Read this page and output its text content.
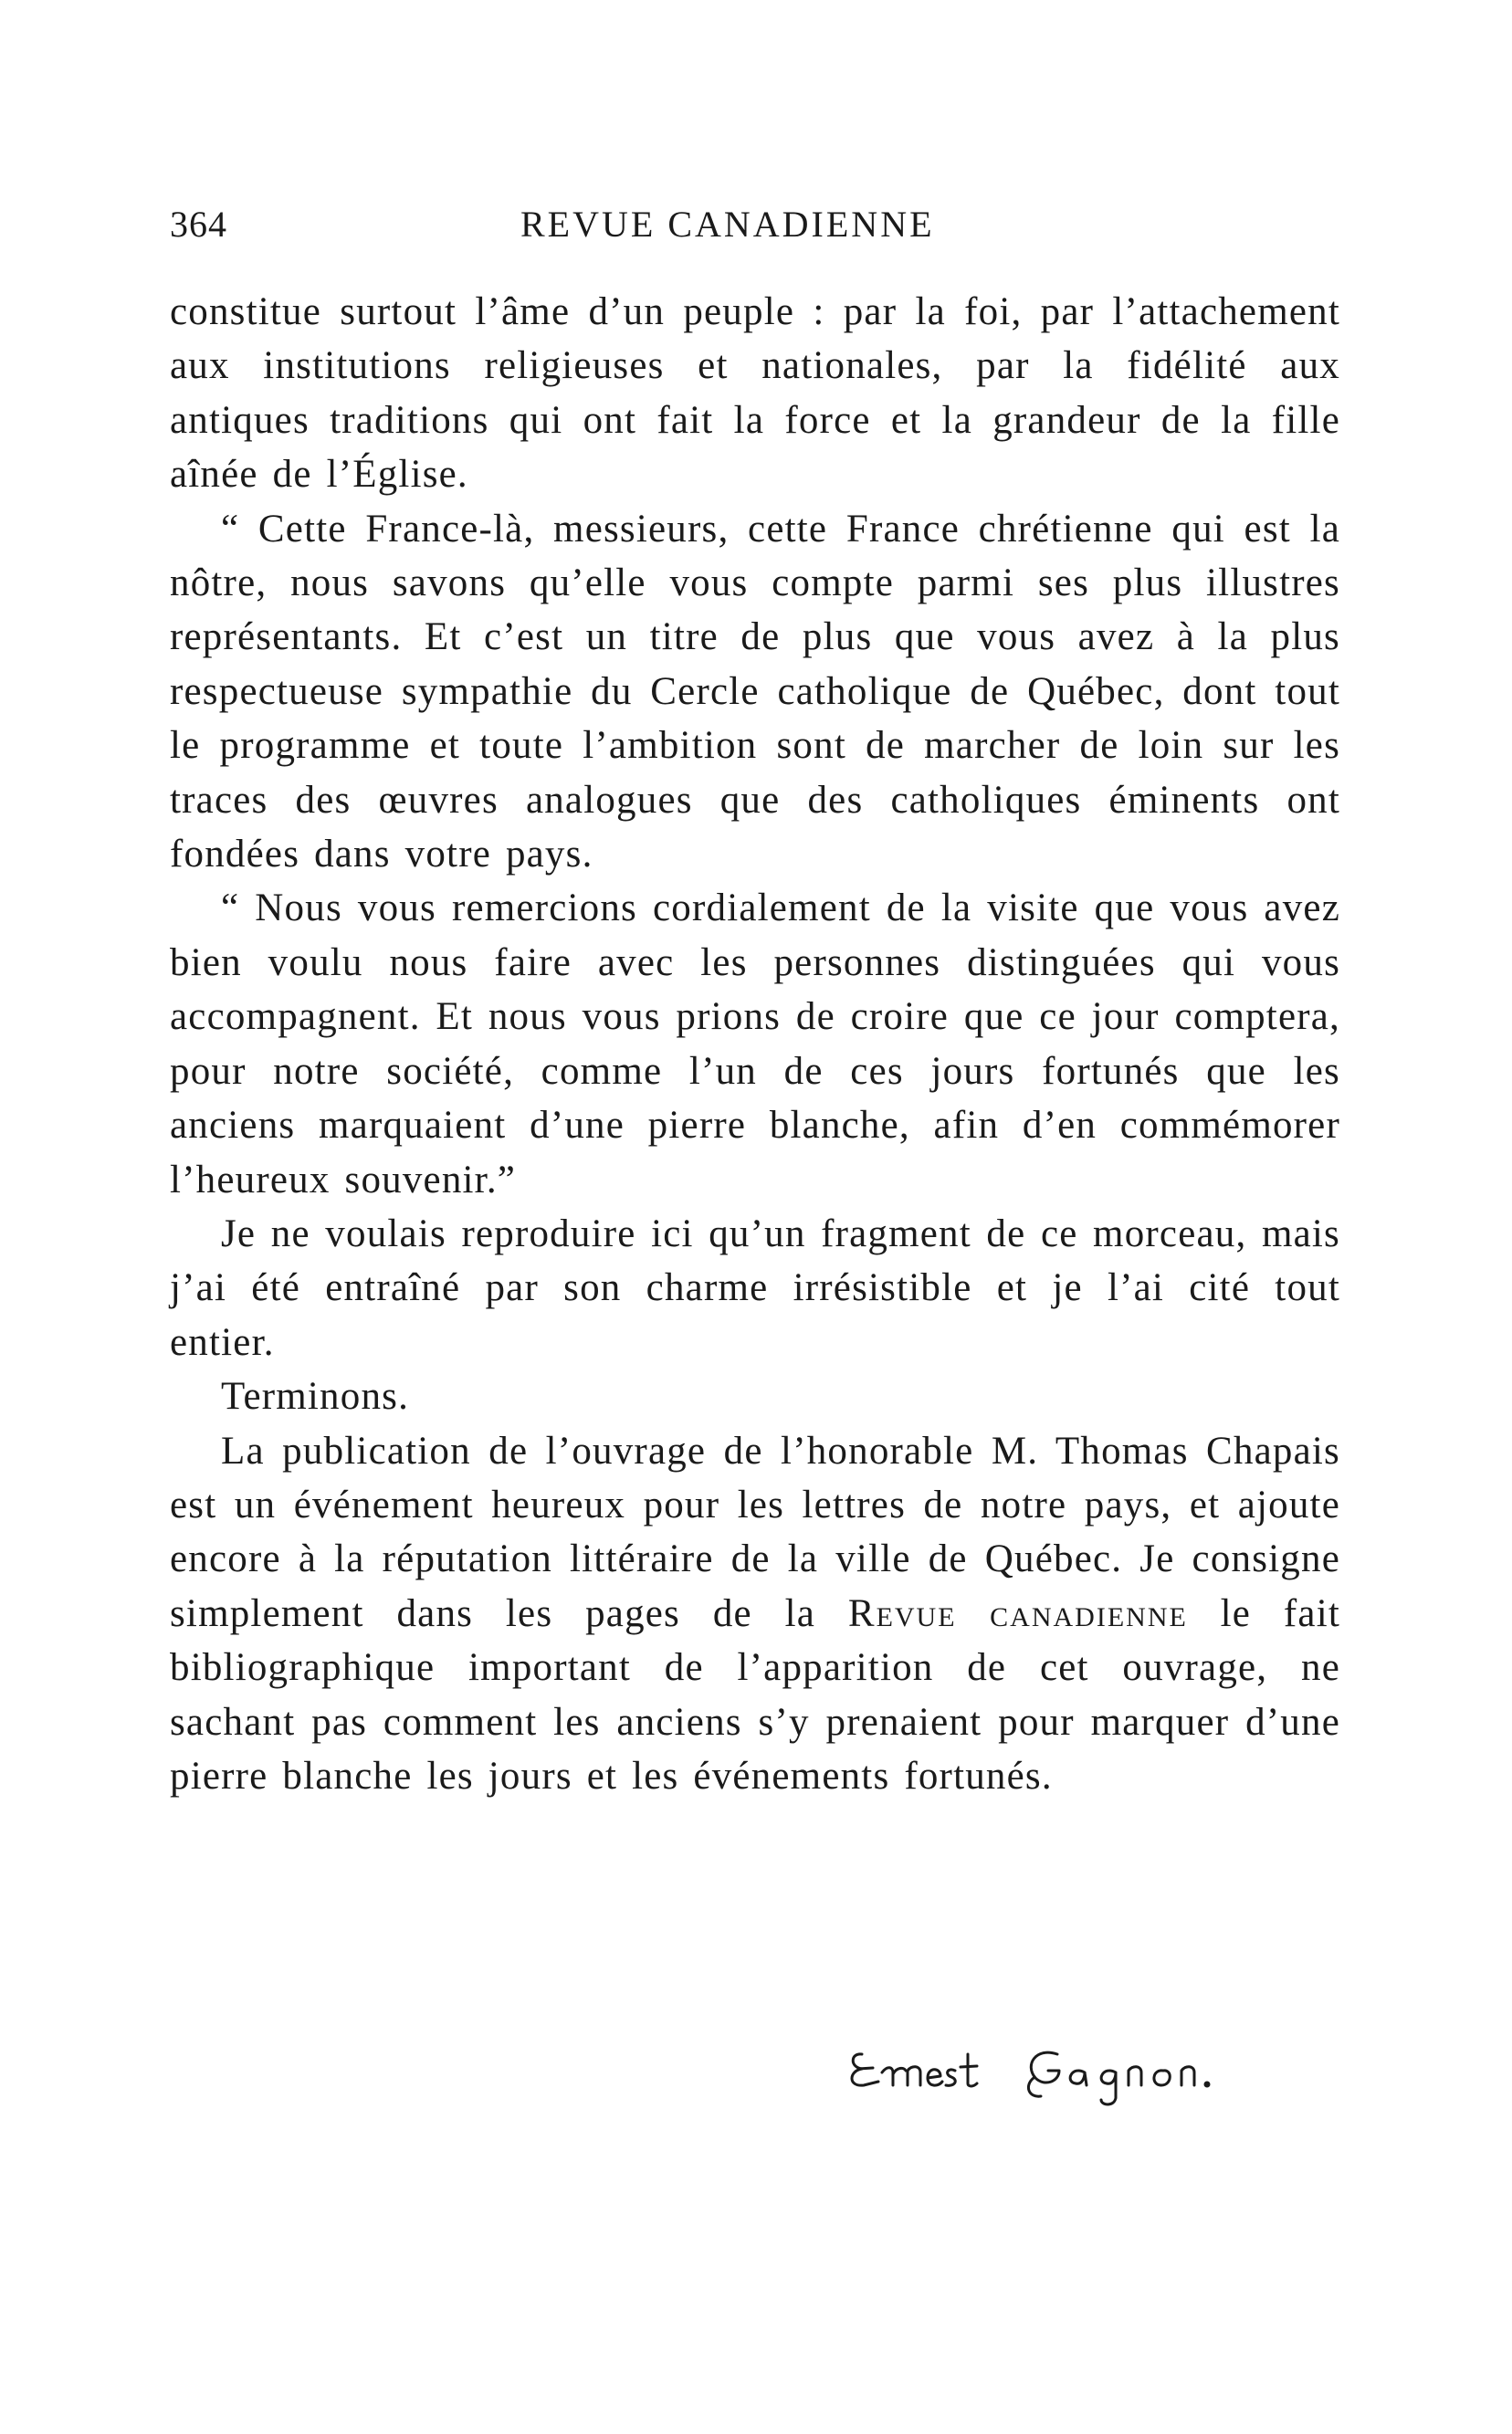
364	REVUE CANADIENNE

constitue surtout l’âme d’un peuple : par la foi, par l’attachement aux institutions religieuses et nationales, par la fidélité aux antiques traditions qui ont fait la force et la grandeur de la fille aînée de l’Église.

“ Cette France-là, messieurs, cette France chrétienne qui est la nôtre, nous savons qu’elle vous compte parmi ses plus illustres représentants. Et c’est un titre de plus que vous avez à la plus respectueuse sympathie du Cercle catholique de Québec, dont tout le programme et toute l’ambition sont de marcher de loin sur les traces des œuvres analogues que des catholiques éminents ont fondées dans votre pays.

“ Nous vous remercions cordialement de la visite que vous avez bien voulu nous faire avec les personnes distinguées qui vous accompagnent. Et nous vous prions de croire que ce jour comptera, pour notre société, comme l’un de ces jours fortunés que les anciens marquaient d’une pierre blanche, afin d’en commémorer l’heureux souvenir.”

Je ne voulais reproduire ici qu’un fragment de ce morceau, mais j’ai été entraîné par son charme irrésistible et je l’ai cité tout entier.

Terminons.

La publication de l’ouvrage de l’honorable M. Thomas Chapais est un événement heureux pour les lettres de notre pays, et ajoute encore à la réputation littéraire de la ville de Québec. Je consigne simplement dans les pages de la Revue canadienne le fait bibliographique important de l’apparition de cet ouvrage, ne sachant pas comment les anciens s’y prenaient pour marquer d’une pierre blanche les jours et les événements fortunés.
